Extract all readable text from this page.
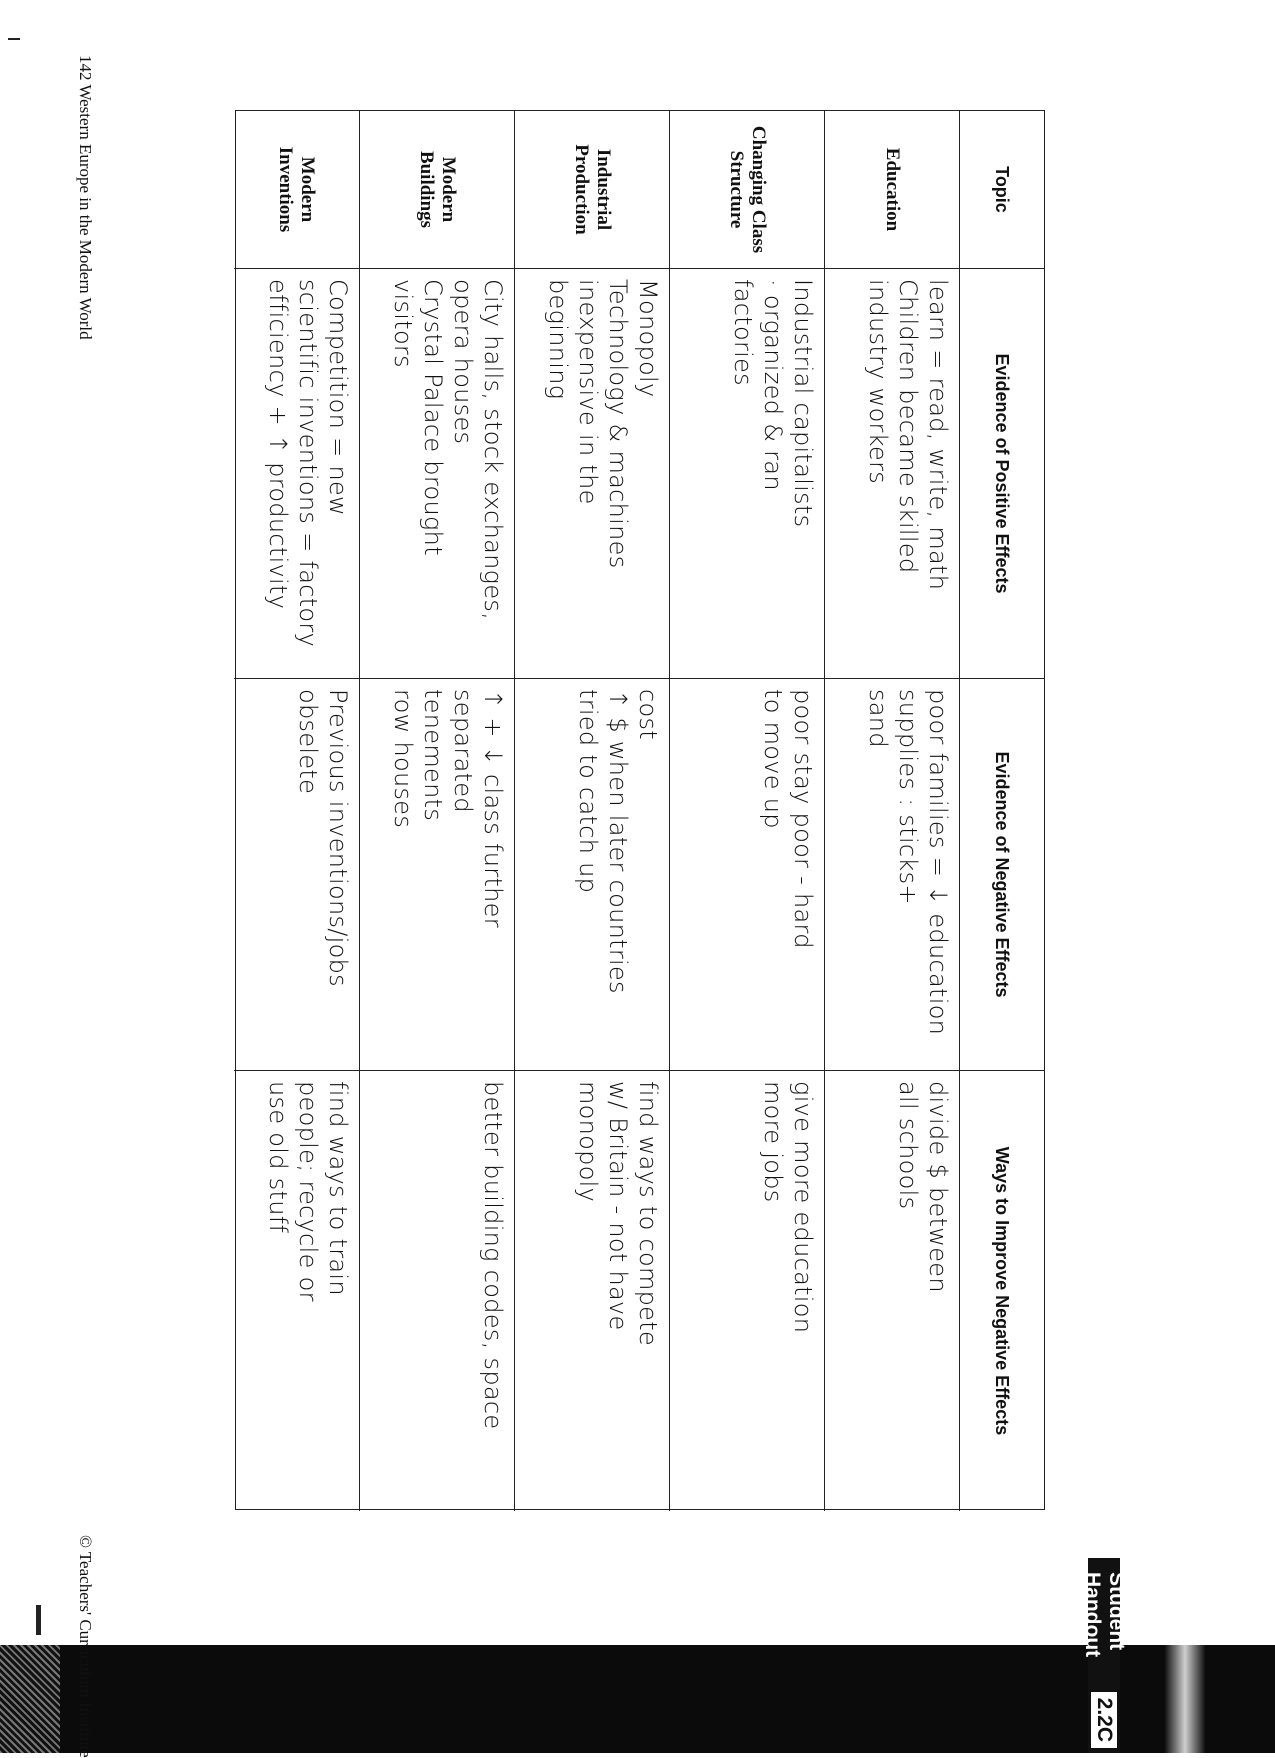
142 Western Europe in the Modern World
© Teachers' Curriculum Institute	Student Handout
2.2C
Topic
Evidence of Positive Effects
Evidence of Negative Effects
Ways to Improve Negative Effects
Education
learn = read, write, math
Children became skilled
industry workers
poor families = ↓ education
supplies : sticks+
sand
divide $ between
all schools
Changing Class Structure
Industrial capitalists
· organized & ran
factories
poor stay poor - hard
to move up
give more education
more jobs
Industrial Production
Monopoly
Technology & machines
inexpensive in the
beginning
cost
↑ $ when later countries
tried to catch up
find ways to compete
w/ Britain - not have
monopoly
Modern Buildings
City halls, stock exchanges,
opera houses
Crystal Palace brought
visitors
↑ + ↓ class further
separated
tenements
row houses
better building codes, space
Modern Inventions
Competition = new
scientific inventions = factory
efficiency + ↑ productivity
Previous inventions/jobs
obselete
find ways to train
people; recycle or
use old stuff
